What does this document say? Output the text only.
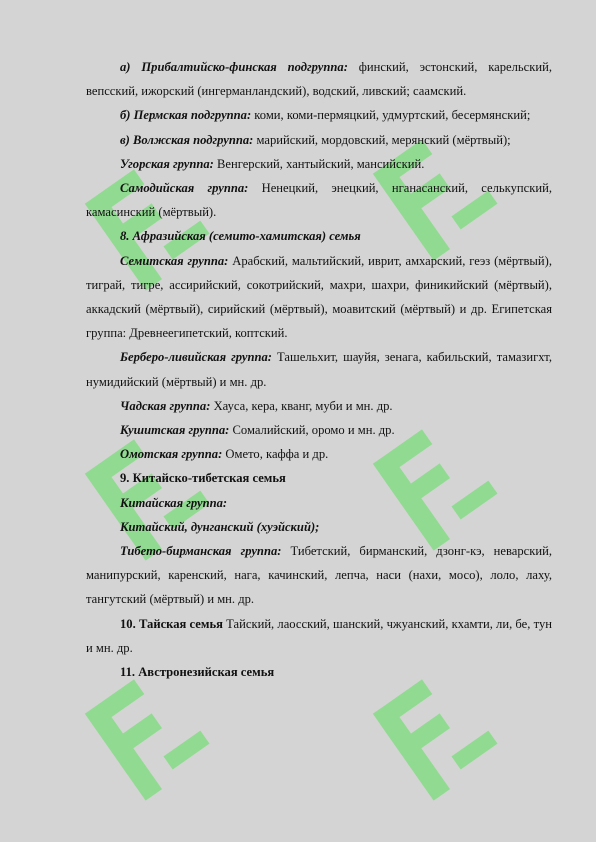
а) Прибалтийско-финская подгруппа: финский, эстонский, карельский, вепсский, ижорский (ингерманландский), водский, ливский; саамский.

б) Пермская подгруппа: коми, коми-пермяцкий, удмуртский, бесермянский;

в) Волжская подгруппа: марийский, мордовский, мерянский (мёртвый);

Угорская группа: Венгерский, хантыйский, мансийский.

Самодийская группа: Ненецкий, энецкий, нганасанский, селькупский, камасинский (мёртвый).

8. Афразийская (семито-хамитская) семья

Семитская группа: Арабский, мальтийский, иврит, амхарский, геэз (мёртвый), тиграй, тигре, ассирийский, сокотрийский, махри, шахри, финикийский (мёртвый), аккадский (мёртвый), сирийский (мёртвый), моавитский (мёртвый) и др. Египетская группа: Древнеегипетский, коптский.

Берберо-ливийская группа: Ташельхит, шауйя, зенага, кабильский, тамазигхт, нумидийский (мёртвый) и мн. др.

Чадская группа: Хауса, кера, кванг, муби и мн. др.

Кушитская группа: Сомалийский, оромо и мн. др.

Омотская группа: Омето, каффа и др.

9. Китайско-тибетская семья

Китайская группа:

Китайский, дунганский (хуэйский);

Тибето-бирманская группа: Тибетский, бирманский, дзонг-кэ, неварский, манипурский, каренский, нага, качинский, лепча, наси (нахи, мосо), лоло, лаху, тангутский (мёртвый) и мн. др.

10. Тайская семья Тайский, лаосский, шанский, чжуанский, кхамти, ли, бе, тун и мн. др.

11. Австронезийская семья
